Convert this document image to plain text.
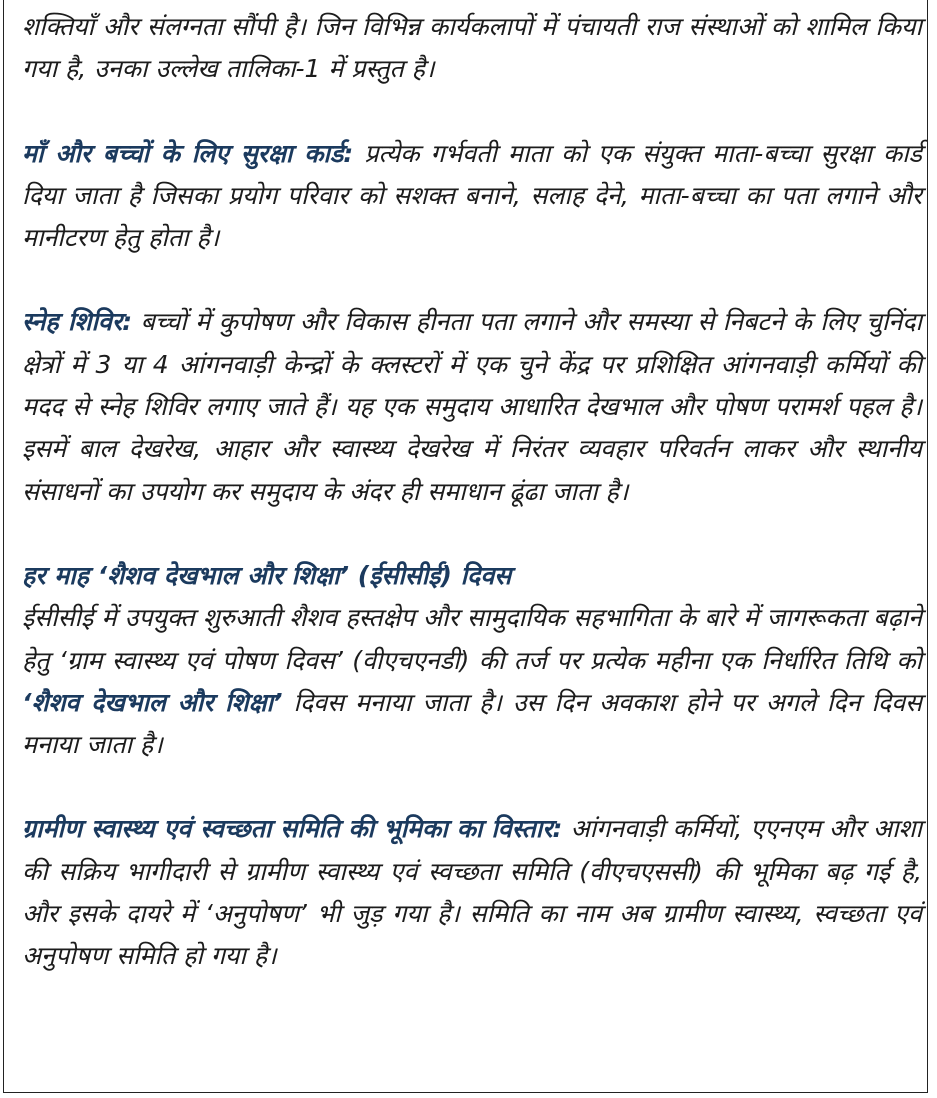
शक्तियाँ और संलग्नता सौंपी है। जिन विभिन्न कार्यकलापों में पंचायती राज संस्थाओं को शामिल किया गया है, उनका उल्लेख तालिका-1 में प्रस्तुत है।

माँ और बच्चों के लिए सुरक्षा कार्ड: प्रत्येक गर्भवती माता को एक संयुक्त माता-बच्चा सुरक्षा कार्ड दिया जाता है जिसका प्रयोग परिवार को सशक्त बनाने, सलाह देने, माता-बच्चा का पता लगाने और मानीटरण हेतु होता है।

स्नेह शिविर: बच्चों में कुपोषण और विकास हीनता पता लगाने और समस्या से निबटने के लिए चुनिंदा क्षेत्रों में 3 या 4 आंगनवाड़ी केन्द्रों के क्लस्टरों में एक चुने केंद्र पर प्रशिक्षित आंगनवाड़ी कर्मियों की मदद से स्नेह शिविर लगाए जाते हैं। यह एक समुदाय आधारित देखभाल और पोषण परामर्श पहल है। इसमें बाल देखरेख, आहार और स्वास्थ्य देखरेख में निरंतर व्यवहार परिवर्तन लाकर और स्थानीय संसाधनों का उपयोग कर समुदाय के अंदर ही समाधान ढूंढा जाता है।

हर माह ‘शैशव देखभाल और शिक्षा’ (ईसीसीई) दिवस

ईसीसीई में उपयुक्त शुरुआती शैशव हस्तक्षेप और सामुदायिक सहभागिता के बारे में जागरूकता बढ़ाने हेतु ‘ग्राम स्वास्थ्य एवं पोषण दिवस’ (वीएचएनडी) की तर्ज पर प्रत्येक महीना एक निर्धारित तिथि को ‘शैशव देखभाल और शिक्षा’ दिवस मनाया जाता है। उस दिन अवकाश होने पर अगले दिन दिवस मनाया जाता है।

ग्रामीण स्वास्थ्य एवं स्वच्छता समिति की भूमिका का विस्तार: आंगनवाड़ी कर्मियों, एएनएम और आशा की सक्रिय भागीदारी से ग्रामीण स्वास्थ्य एवं स्वच्छता समिति (वीएचएससी) की भूमिका बढ़ गई है, और इसके दायरे में ‘अनुपोषण’ भी जुड़ गया है। समिति का नाम अब ग्रामीण स्वास्थ्य, स्वच्छता एवं अनुपोषण समिति हो गया है।
